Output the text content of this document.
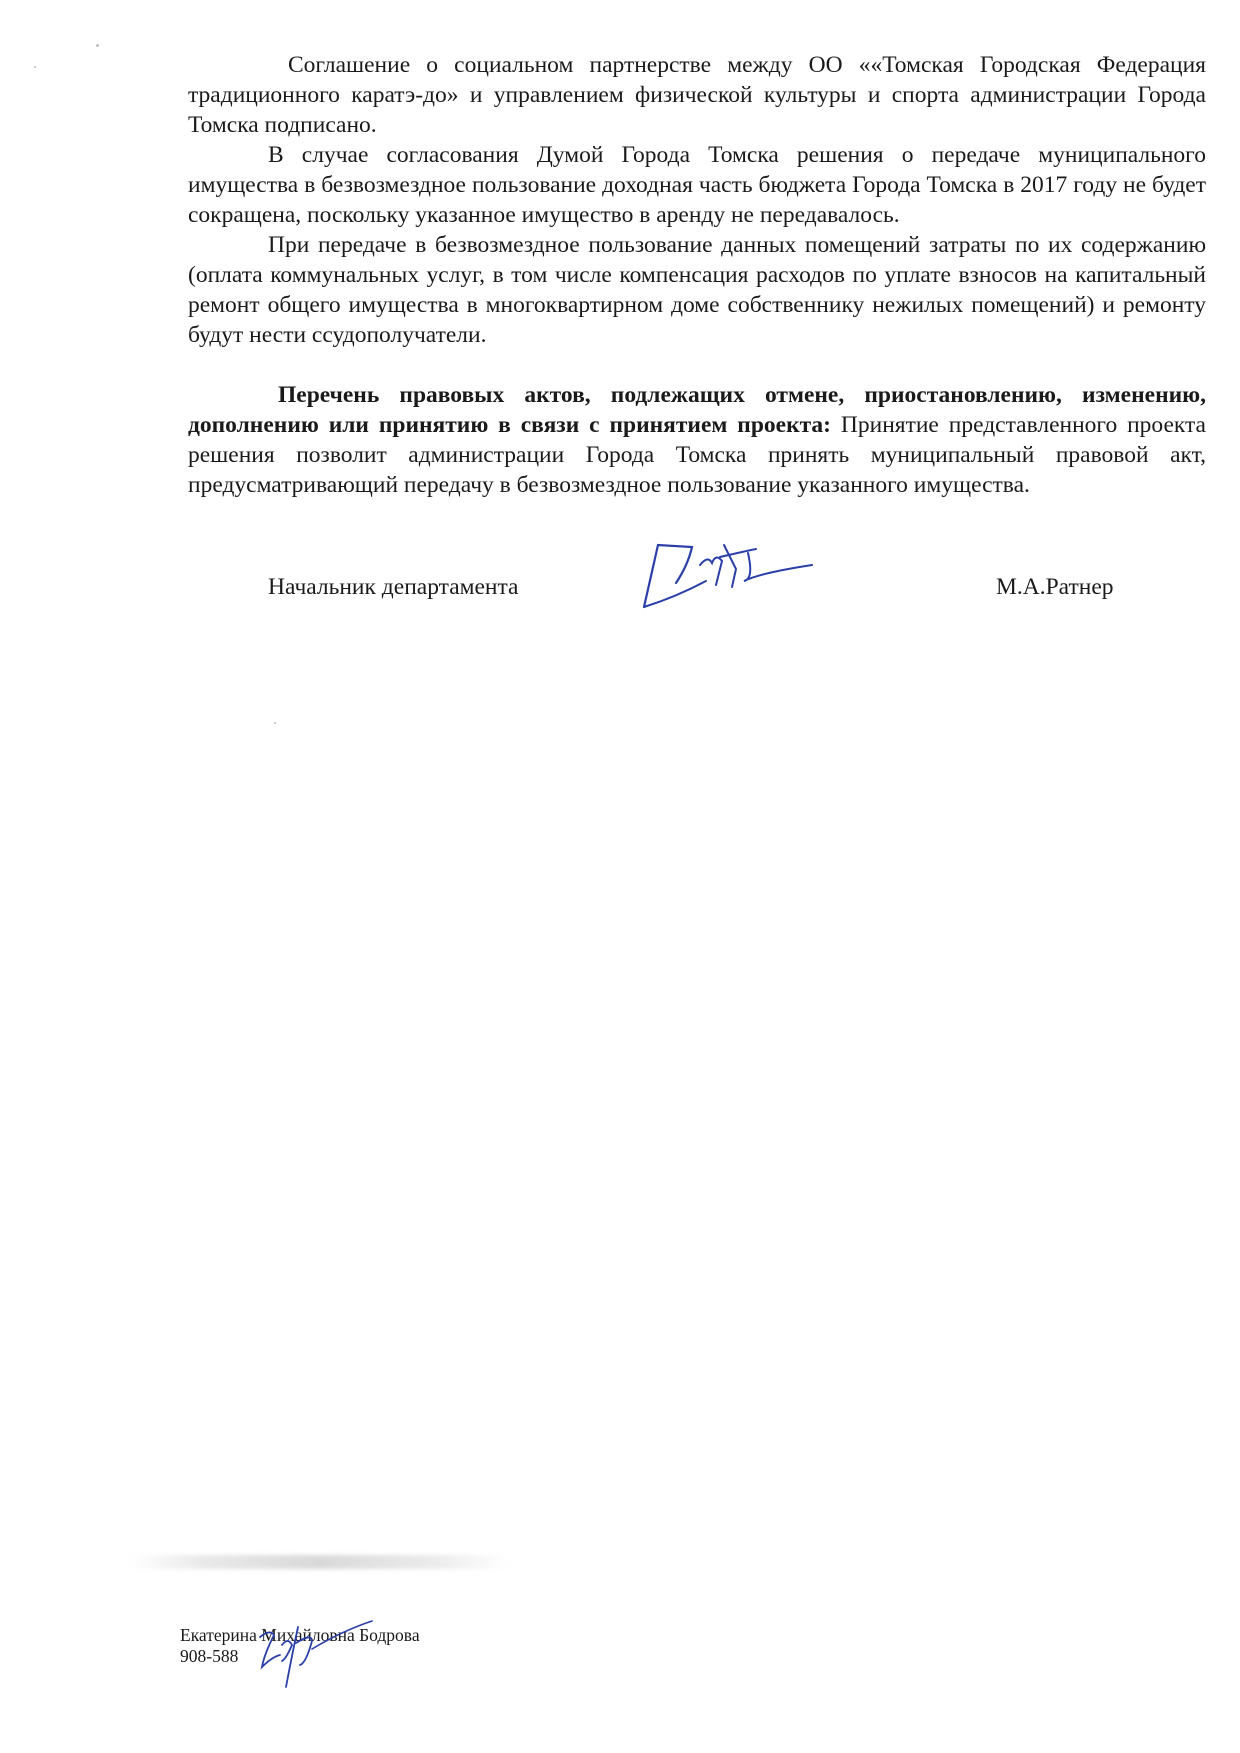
Соглашение о социальном партнерстве между ОО ««Томская Городская Федерация традиционного каратэ-до» и управлением физической культуры и спорта администрации Города Томска подписано.

В случае согласования Думой Города Томска решения о передаче муниципального имущества в безвозмездное пользование доходная часть бюджета Города Томска в 2017 году не будет сокращена, поскольку указанное имущество в аренду не передавалось.

При передаче в безвозмездное пользование данных помещений затраты по их содержанию (оплата коммунальных услуг, в том числе компенсация расходов по уплате взносов на капитальный ремонт общего имущества в многоквартирном доме собственнику нежилых помещений) и ремонту будут нести ссудополучатели.

Перечень правовых актов, подлежащих отмене, приостановлению, изменению, дополнению или принятию в связи с принятием проекта: Принятие представленного проекта решения позволит администрации Города Томска принять муниципальный правовой акт, предусматривающий передачу в безвозмездное пользование указанного имущества.

Начальник департамента	М.А.Ратнер
Екатерина Михайловна Бодрова
908-588
